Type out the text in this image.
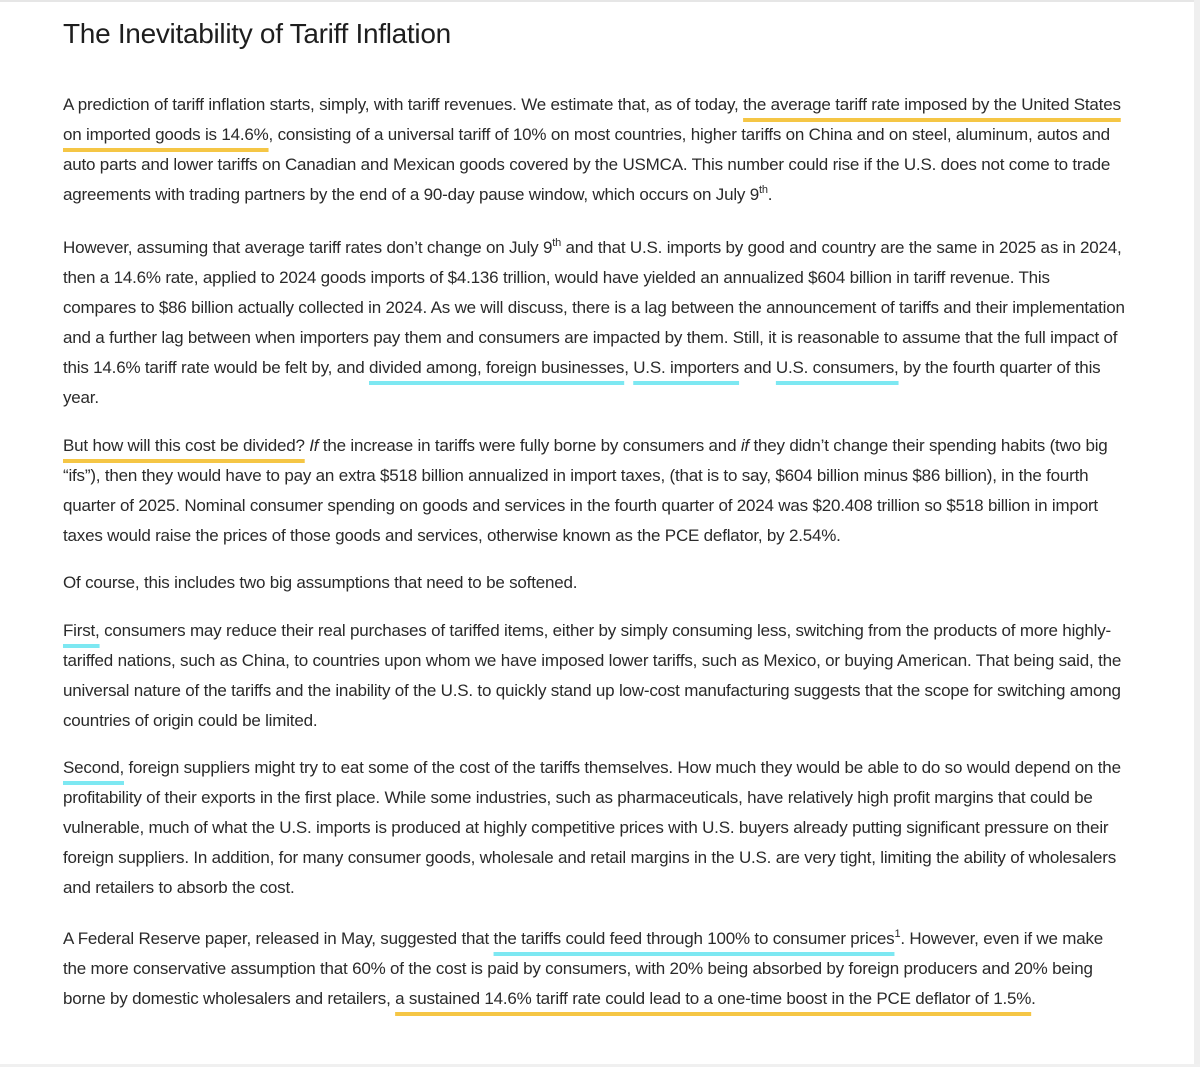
The Inevitability of Tariff Inflation

A prediction of tariff inflation starts, simply, with tariff revenues. We estimate that, as of today, the average tariff rate imposed by the United States on imported goods is 14.6%, consisting of a universal tariff of 10% on most countries, higher tariffs on China and on steel, aluminum, autos and auto parts and lower tariffs on Canadian and Mexican goods covered by the USMCA. This number could rise if the U.S. does not come to trade agreements with trading partners by the end of a 90-day pause window, which occurs on July 9th.

However, assuming that average tariff rates don’t change on July 9th and that U.S. imports by good and country are the same in 2025 as in 2024, then a 14.6% rate, applied to 2024 goods imports of $4.136 trillion, would have yielded an annualized $604 billion in tariff revenue. This compares to $86 billion actually collected in 2024. As we will discuss, there is a lag between the announcement of tariffs and their implementation and a further lag between when importers pay them and consumers are impacted by them. Still, it is reasonable to assume that the full impact of this 14.6% tariff rate would be felt by, and divided among, foreign businesses, U.S. importers and U.S. consumers, by the fourth quarter of this year.

But how will this cost be divided? If the increase in tariffs were fully borne by consumers and if they didn’t change their spending habits (two big “ifs”), then they would have to pay an extra $518 billion annualized in import taxes, (that is to say, $604 billion minus $86 billion), in the fourth quarter of 2025. Nominal consumer spending on goods and services in the fourth quarter of 2024 was $20.408 trillion so $518 billion in import taxes would raise the prices of those goods and services, otherwise known as the PCE deflator, by 2.54%.

Of course, this includes two big assumptions that need to be softened.

First, consumers may reduce their real purchases of tariffed items, either by simply consuming less, switching from the products of more highly-tariffed nations, such as China, to countries upon whom we have imposed lower tariffs, such as Mexico, or buying American. That being said, the universal nature of the tariffs and the inability of the U.S. to quickly stand up low-cost manufacturing suggests that the scope for switching among countries of origin could be limited.

Second, foreign suppliers might try to eat some of the cost of the tariffs themselves. How much they would be able to do so would depend on the profitability of their exports in the first place. While some industries, such as pharmaceuticals, have relatively high profit margins that could be vulnerable, much of what the U.S. imports is produced at highly competitive prices with U.S. buyers already putting significant pressure on their foreign suppliers. In addition, for many consumer goods, wholesale and retail margins in the U.S. are very tight, limiting the ability of wholesalers and retailers to absorb the cost.

A Federal Reserve paper, released in May, suggested that the tariffs could feed through 100% to consumer prices$^1$. However, even if we make the more conservative assumption that 60% of the cost is paid by consumers, with 20% being absorbed by foreign producers and 20% being borne by domestic wholesalers and retailers, a sustained 14.6% tariff rate could lead to a one-time boost in the PCE deflator of 1.5%.
